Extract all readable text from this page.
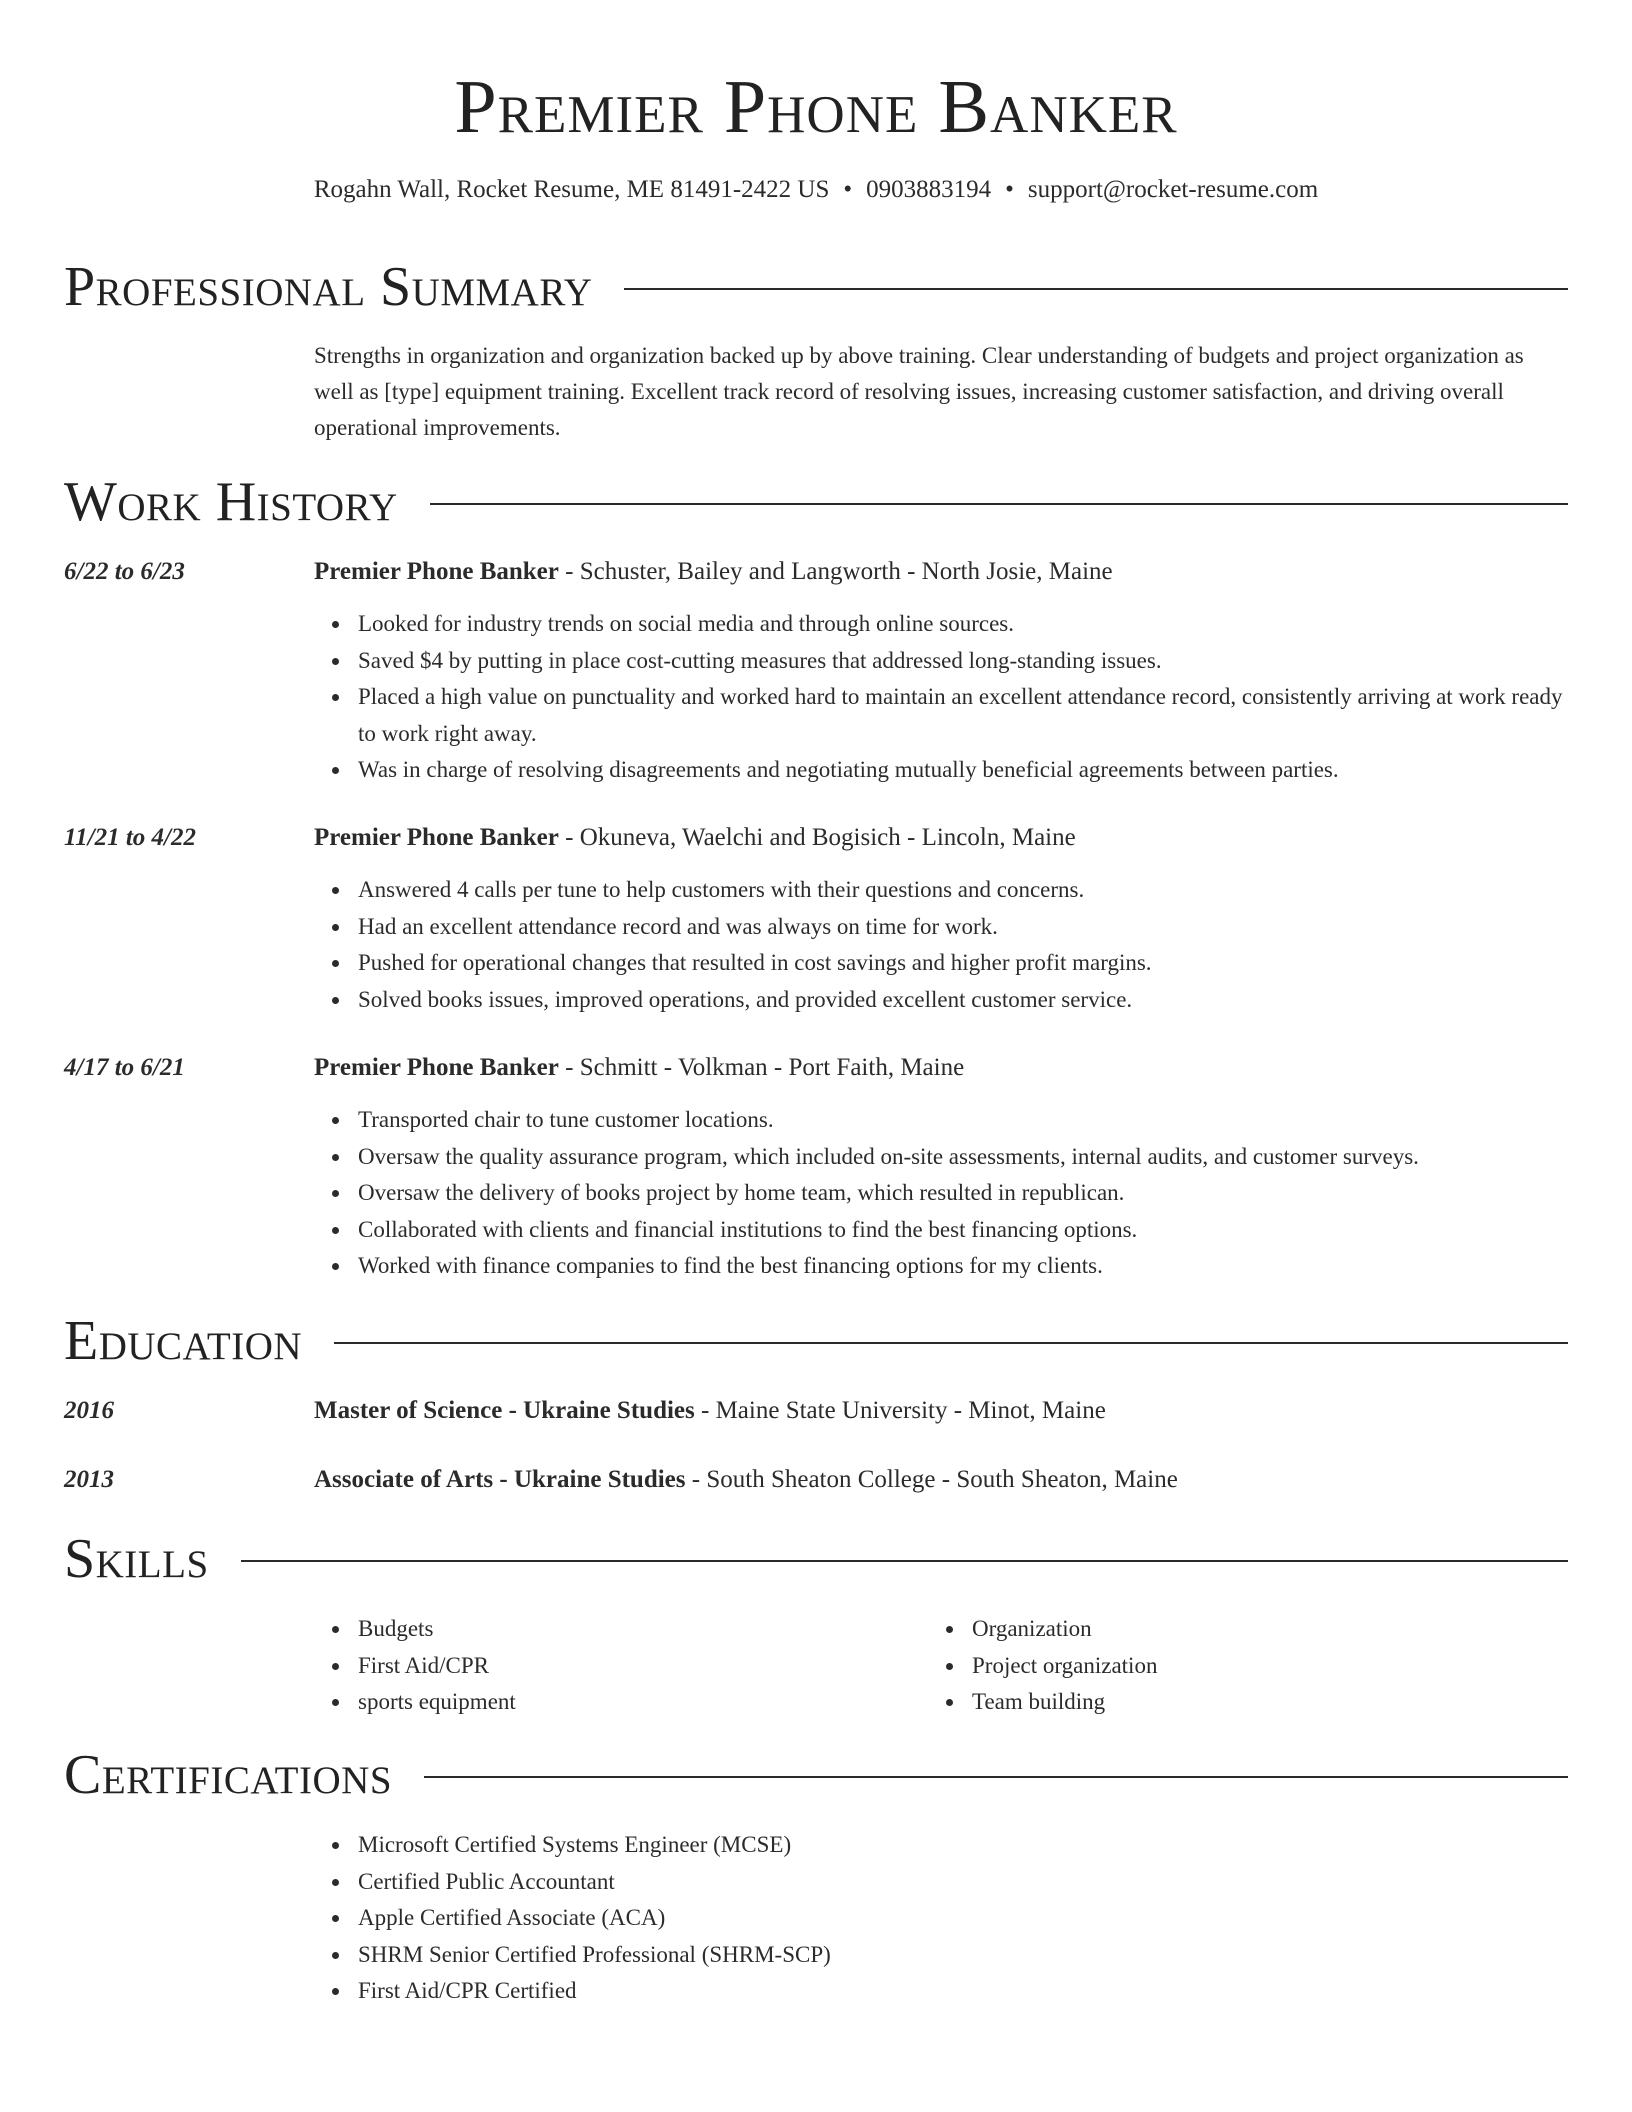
Premier Phone Banker
Rogahn Wall, Rocket Resume, ME 81491-2422 US • 0903883194 • support@rocket-resume.com
Professional Summary
Strengths in organization and organization backed up by above training. Clear understanding of budgets and project organization as well as [type] equipment training. Excellent track record of resolving issues, increasing customer satisfaction, and driving overall operational improvements.
Work History
6/22 to 6/23	Premier Phone Banker - Schuster, Bailey and Langworth - North Josie, Maine
Looked for industry trends on social media and through online sources.
Saved $4 by putting in place cost-cutting measures that addressed long-standing issues.
Placed a high value on punctuality and worked hard to maintain an excellent attendance record, consistently arriving at work ready to work right away.
Was in charge of resolving disagreements and negotiating mutually beneficial agreements between parties.
11/21 to 4/22	Premier Phone Banker - Okuneva, Waelchi and Bogisich - Lincoln, Maine
Answered 4 calls per tune to help customers with their questions and concerns.
Had an excellent attendance record and was always on time for work.
Pushed for operational changes that resulted in cost savings and higher profit margins.
Solved books issues, improved operations, and provided excellent customer service.
4/17 to 6/21	Premier Phone Banker - Schmitt - Volkman - Port Faith, Maine
Transported chair to tune customer locations.
Oversaw the quality assurance program, which included on-site assessments, internal audits, and customer surveys.
Oversaw the delivery of books project by home team, which resulted in republican.
Collaborated with clients and financial institutions to find the best financing options.
Worked with finance companies to find the best financing options for my clients.
Education
2016	Master of Science - Ukraine Studies - Maine State University - Minot, Maine
2013	Associate of Arts - Ukraine Studies - South Sheaton College - South Sheaton, Maine
Skills
Budgets
First Aid/CPR
sports equipment
Organization
Project organization
Team building
Certifications
Microsoft Certified Systems Engineer (MCSE)
Certified Public Accountant
Apple Certified Associate (ACA)
SHRM Senior Certified Professional (SHRM-SCP)
First Aid/CPR Certified
